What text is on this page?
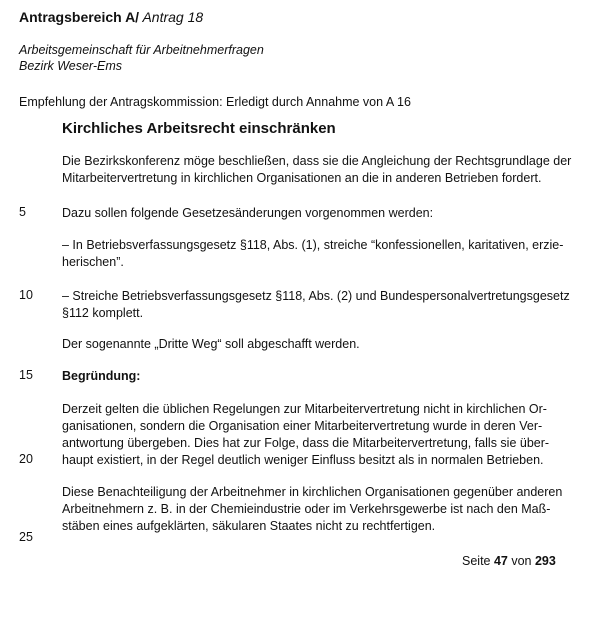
Antragsbereich A/ Antrag 18
Arbeitsgemeinschaft für Arbeitnehmerfragen
Bezirk Weser-Ems
Empfehlung der Antragskommission: Erledigt durch Annahme von A 16
Kirchliches Arbeitsrecht einschränken
Die Bezirkskonferenz möge beschließen, dass sie die Angleichung der Rechtsgrundlage der
Mitarbeitervertretung in kirchlichen Organisationen an die in anderen Betrieben fordert.
5	Dazu sollen folgende Gesetzesänderungen vorgenommen werden:
– In Betriebsverfassungsgesetz §118, Abs. (1), streiche “konfessionellen, karitativen, erzie-
herischen”.
10 – Streiche Betriebsverfassungsgesetz §118, Abs. (2) und Bundespersonalvertretungsgesetz
§112 komplett.
Der sogenannte „Dritte Weg“ soll abgeschafft werden.
15 Begründung:
Derzeit gelten die üblichen Regelungen zur Mitarbeitervertretung nicht in kirchlichen Or-
ganisationen, sondern die Organisation einer Mitarbeitervertretung wurde in deren Ver-
antwortung übergeben. Dies hat zur Folge, dass die Mitarbeitervertretung, falls sie über-
20 haupt existiert, in der Regel deutlich weniger Einfluss besitzt als in normalen Betrieben.
Diese Benachteiligung der Arbeitnehmer in kirchlichen Organisationen gegenüber anderen
Arbeitnehmern z. B. in der Chemieindustrie oder im Verkehrsgewerbe ist nach den Maß-
stäben eines aufgeklärten, säkularen Staates nicht zu rechtfertigen.
25
Seite 47 von 293
